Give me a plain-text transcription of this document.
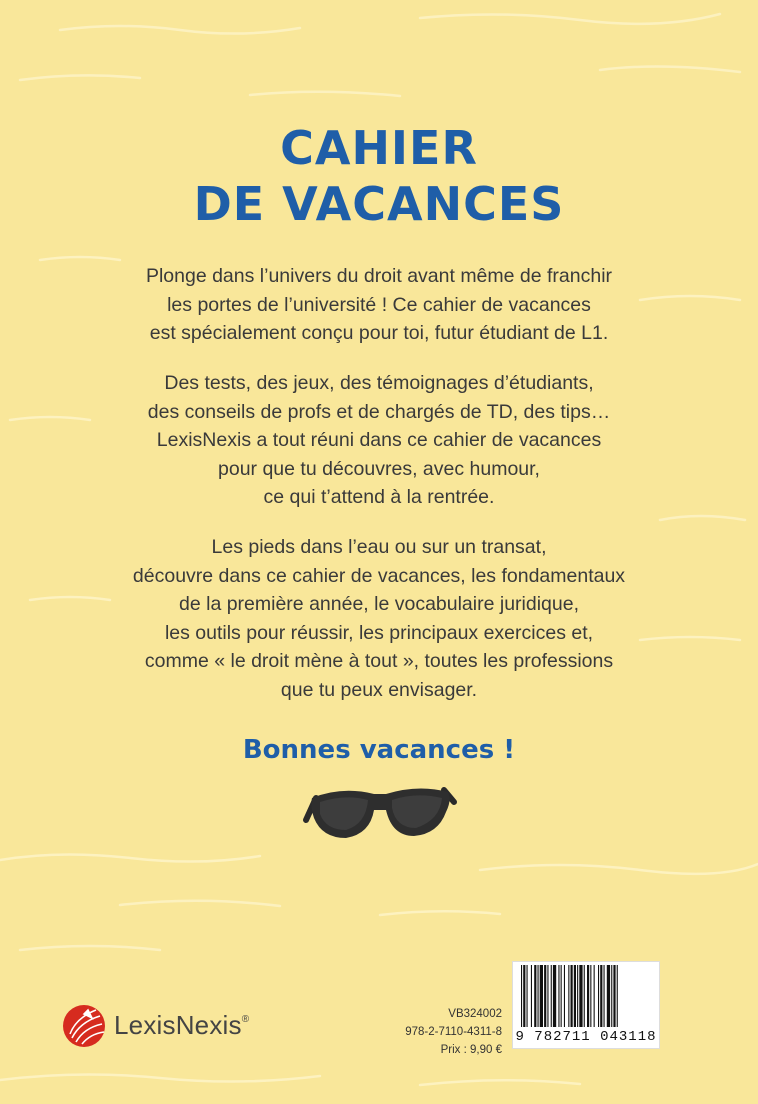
CAHIER
DE VACANCES
Plonge dans l’univers du droit avant même de franchir
les portes de l’université ! Ce cahier de vacances
est spécialement conçu pour toi, futur étudiant de L1.
Des tests, des jeux, des témoignages d’étudiants,
des conseils de profs et de chargés de TD, des tips…
LexisNexis a tout réuni dans ce cahier de vacances
pour que tu découvres, avec humour,
ce qui t’attend à la rentrée.
Les pieds dans l’eau ou sur un transat,
découvre dans ce cahier de vacances, les fondamentaux
de la première année, le vocabulaire juridique,
les outils pour réussir, les principaux exercices et,
comme « le droit mène à tout », toutes les professions
que tu peux envisager.
Bonnes vacances !
LexisNexis®	VB324002
978-2-7110-4311-8
Prix : 9,90 €
9 782711 043118
